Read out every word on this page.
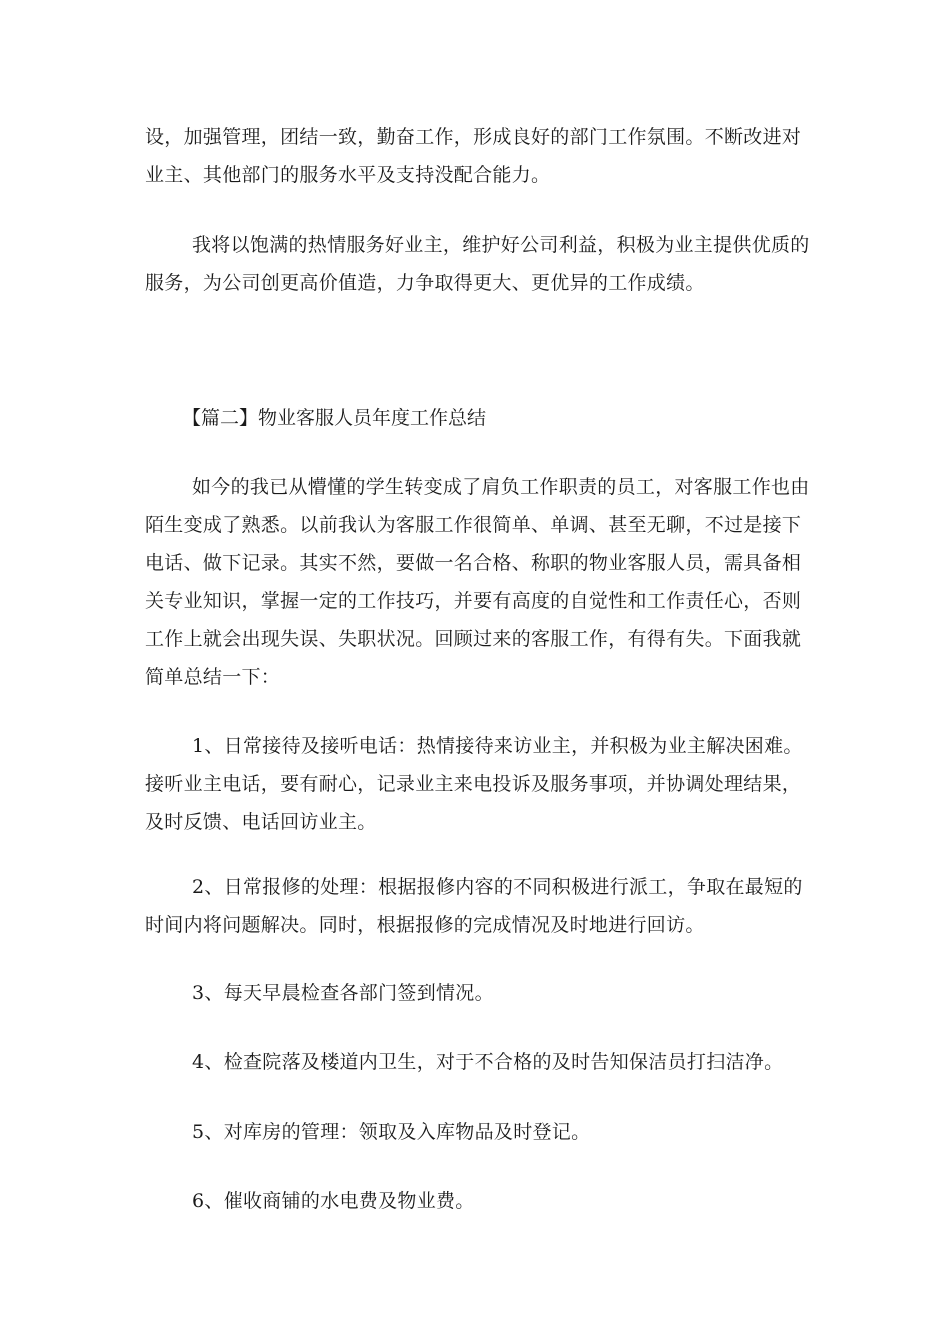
设，加强管理，团结一致，勤奋工作，形成良好的部门工作氛围。不断改进对
业主、其他部门的服务水平及支持没配合能力。

我将以饱满的热情服务好业主，维护好公司利益，积极为业主提供优质的
服务，为公司创更高价值造，力争取得更大、更优异的工作成绩。

【篇二】物业客服人员年度工作总结

如今的我已从懵懂的学生转变成了肩负工作职责的员工，对客服工作也由
陌生变成了熟悉。以前我认为客服工作很简单、单调、甚至无聊，不过是接下
电话、做下记录。其实不然，要做一名合格、称职的物业客服人员，需具备相
关专业知识，掌握一定的工作技巧，并要有高度的自觉性和工作责任心，否则
工作上就会出现失误、失职状况。回顾过来的客服工作，有得有失。下面我就
简单总结一下：

1、日常接待及接听电话：热情接待来访业主，并积极为业主解决困难。
接听业主电话，要有耐心，记录业主来电投诉及服务事项，并协调处理结果，
及时反馈、电话回访业主。

2、日常报修的处理：根据报修内容的不同积极进行派工，争取在最短的
时间内将问题解决。同时，根据报修的完成情况及时地进行回访。

3、每天早晨检查各部门签到情况。

4、检查院落及楼道内卫生，对于不合格的及时告知保洁员打扫洁净。

5、对库房的管理：领取及入库物品及时登记。

6、催收商铺的水电费及物业费。
